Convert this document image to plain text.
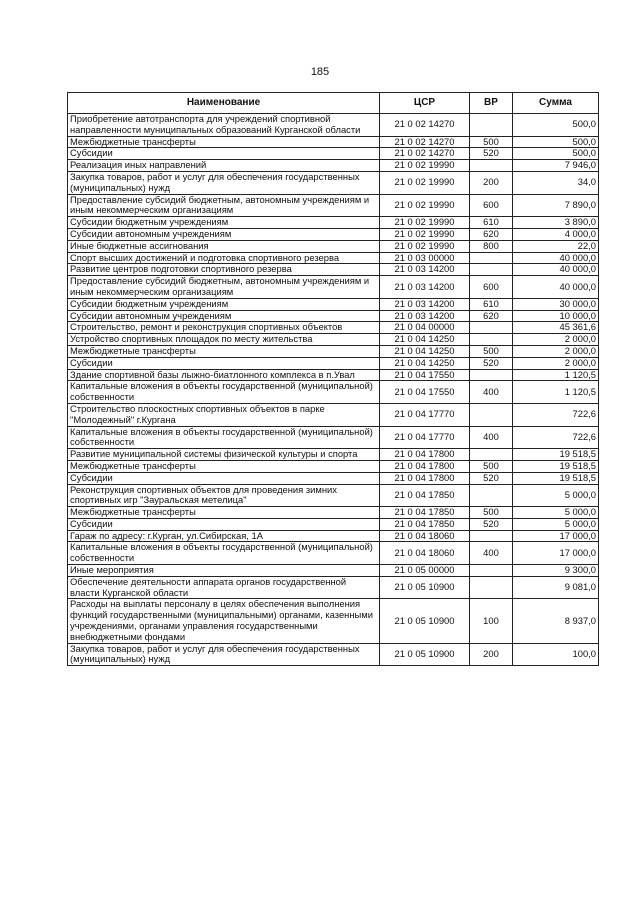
185
Наименование	ЦСР	ВР	Сумма
Приобретение автотранспорта для учреждений спортивной направленности муниципальных образований Курганской области	21 0 02 14270		500,0
Межбюджетные трансферты	21 0 02 14270	500	500,0
Субсидии	21 0 02 14270	520	500,0
Реализация иных направлений	21 0 02 19990		7 946,0
Закупка товаров, работ и услуг для обеспечения государственных (муниципальных) нужд	21 0 02 19990	200	34,0
Предоставление субсидий бюджетным, автономным учреждениям и иным некоммерческим организациям	21 0 02 19990	600	7 890,0
Субсидии бюджетным учреждениям	21 0 02 19990	610	3 890,0
Субсидии автономным учреждениям	21 0 02 19990	620	4 000,0
Иные бюджетные ассигнования	21 0 02 19990	800	22,0
Спорт высших достижений и подготовка спортивного резерва	21 0 03 00000		40 000,0
Развитие центров подготовки спортивного резерва	21 0 03 14200		40 000,0
Предоставление субсидий бюджетным, автономным учреждениям и иным некоммерческим организациям	21 0 03 14200	600	40 000,0
Субсидии бюджетным учреждениям	21 0 03 14200	610	30 000,0
Субсидии автономным учреждениям	21 0 03 14200	620	10 000,0
Строительство, ремонт и реконструкция спортивных объектов	21 0 04 00000		45 361,6
Устройство спортивных площадок по месту жительства	21 0 04 14250		2 000,0
Межбюджетные трансферты	21 0 04 14250	500	2 000,0
Субсидии	21 0 04 14250	520	2 000,0
Здание спортивной базы лыжно-биатлонного комплекса в п.Увал	21 0 04 17550		1 120,5
Капитальные вложения в объекты государственной (муниципальной) собственности	21 0 04 17550	400	1 120,5
Строительство плоскостных спортивных объектов в парке "Молодежный" г.Кургана	21 0 04 17770		722,6
Капитальные вложения в объекты государственной (муниципальной) собственности	21 0 04 17770	400	722,6
Развитие муниципальной системы физической культуры и спорта	21 0 04 17800		19 518,5
Межбюджетные трансферты	21 0 04 17800	500	19 518,5
Субсидии	21 0 04 17800	520	19 518,5
Реконструкция спортивных объектов для проведения зимних спортивных игр "Зауральская метелица"	21 0 04 17850		5 000,0
Межбюджетные трансферты	21 0 04 17850	500	5 000,0
Субсидии	21 0 04 17850	520	5 000,0
Гараж по адресу: г.Курган, ул.Сибирская, 1А	21 0 04 18060		17 000,0
Капитальные вложения в объекты государственной (муниципальной) собственности	21 0 04 18060	400	17 000,0
Иные мероприятия	21 0 05 00000		9 300,0
Обеспечение деятельности аппарата органов государственной власти Курганской области	21 0 05 10900		9 081,0
Расходы на выплаты персоналу в целях обеспечения выполнения функций государственными (муниципальными) органами, казенными учреждениями, органами управления государственными внебюджетными фондами	21 0 05 10900	100	8 937,0
Закупка товаров, работ и услуг для обеспечения государственных (муниципальных) нужд	21 0 05 10900	200	100,0
